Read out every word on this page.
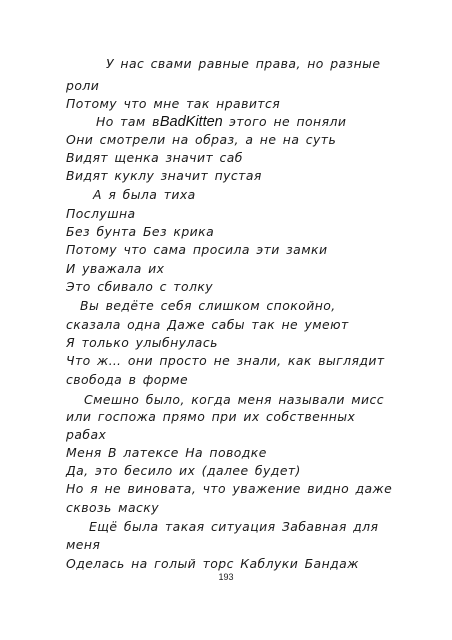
У нас свами равные права, но разные
роли
Потому что мне так нравится
Но там вBadKitten этого не поняли
Они смотрели на образ, а не на суть
Видят щенка значит саб
Видят куклу значит пустая
А я была тиха
Послушна
Без бунта Без крика
Потому что сама просила эти замки
И уважала их
Это сбивало с толку
Вы ведёте себя слишком спокойно,
сказала одна Даже сабы так не умеют
Я только улыбнулась
Что ж… они просто не знали, как выглядит
свобода в форме
Смешно было, когда меня называли мисс
или госпожа прямо при их собственных
рабах
Меня В латексе На поводке
Да, это бесило их (далее будет)
Но я не виновата, что уважение видно даже
сквозь маску
Ещё была такая ситуация Забавная для
меня
Оделась на голый торс Каблуки Бандаж
193
